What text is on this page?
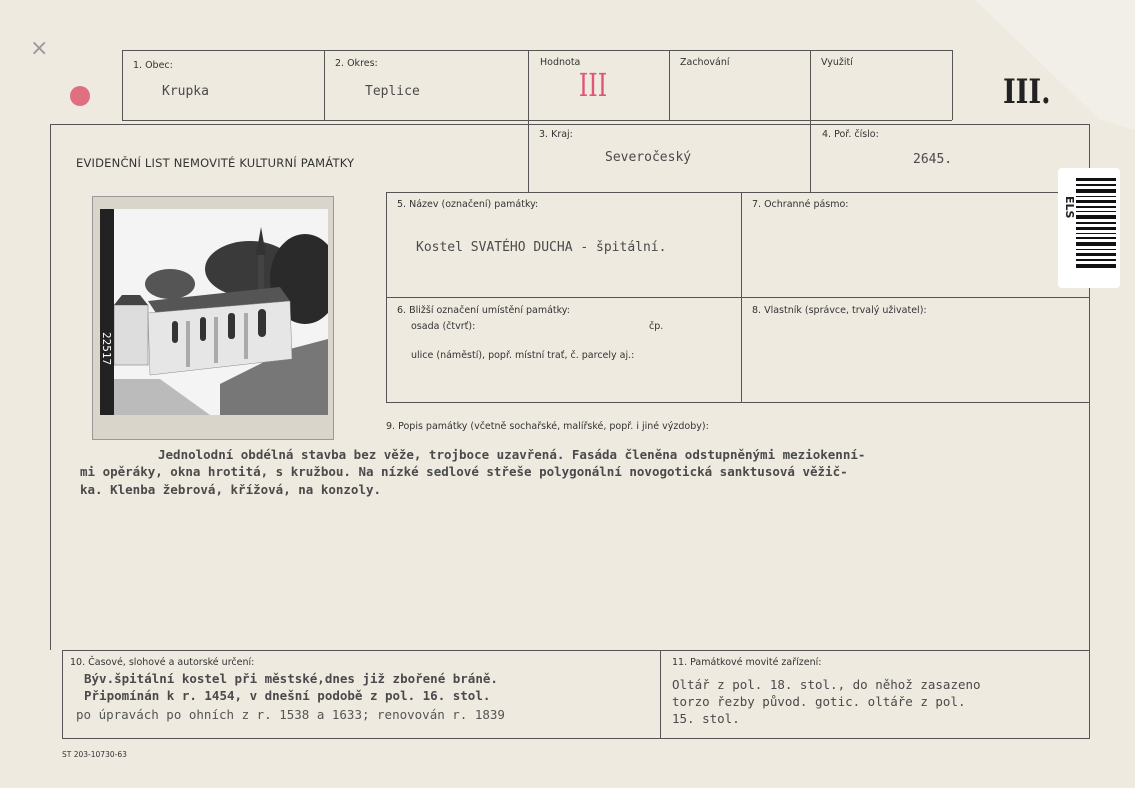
×
1. Obec:
Krupka
2. Okres:
Teplice
Hodnota
III
Zachování	Využití
III.
EVIDENČNÍ LIST NEMOVITÉ KULTURNÍ PAMÁTKY
3. Kraj:
Severočeský
4. Poř. číslo:
2645.
5. Název (označení) památky:
Kostel SVATÉHO DUCHA - špitální.
7. Ochranné pásmo:
6. Bližší označení umístění památky:
osada (čtvrť):	čp.
ulice (náměstí), popř. místní trať, č. parcely aj.:
8. Vlastník (správce, trvalý uživatel):
22517
ELS
9. Popis památky (včetně sochařské, malířské, popř. i jiné výzdoby):
Jednolodní obdélná stavba bez věže, trojboce uzavřená. Fasáda členěna odstupněnými meziokenní-
mi opěráky, okna hrotitá, s kružbou. Na nízké sedlové střeše polygonální novogotická sanktusová věžič-
ka. Klenba žebrová, křížová, na konzoly.
10. Časové, slohové a autorské určení:
Býv.špitální kostel při městské,dnes již zbořené bráně.
Připomínán k r. 1454, v dnešní podobě z pol. 16. stol.
po úpravách po ohních z r. 1538 a 1633; renovován r. 1839
11. Památkové movité zařízení:
Oltář z pol. 18. stol., do něhož zasazeno
torzo řezby původ. gotic. oltáře z pol.
15. stol.
ST 203-10730-63
